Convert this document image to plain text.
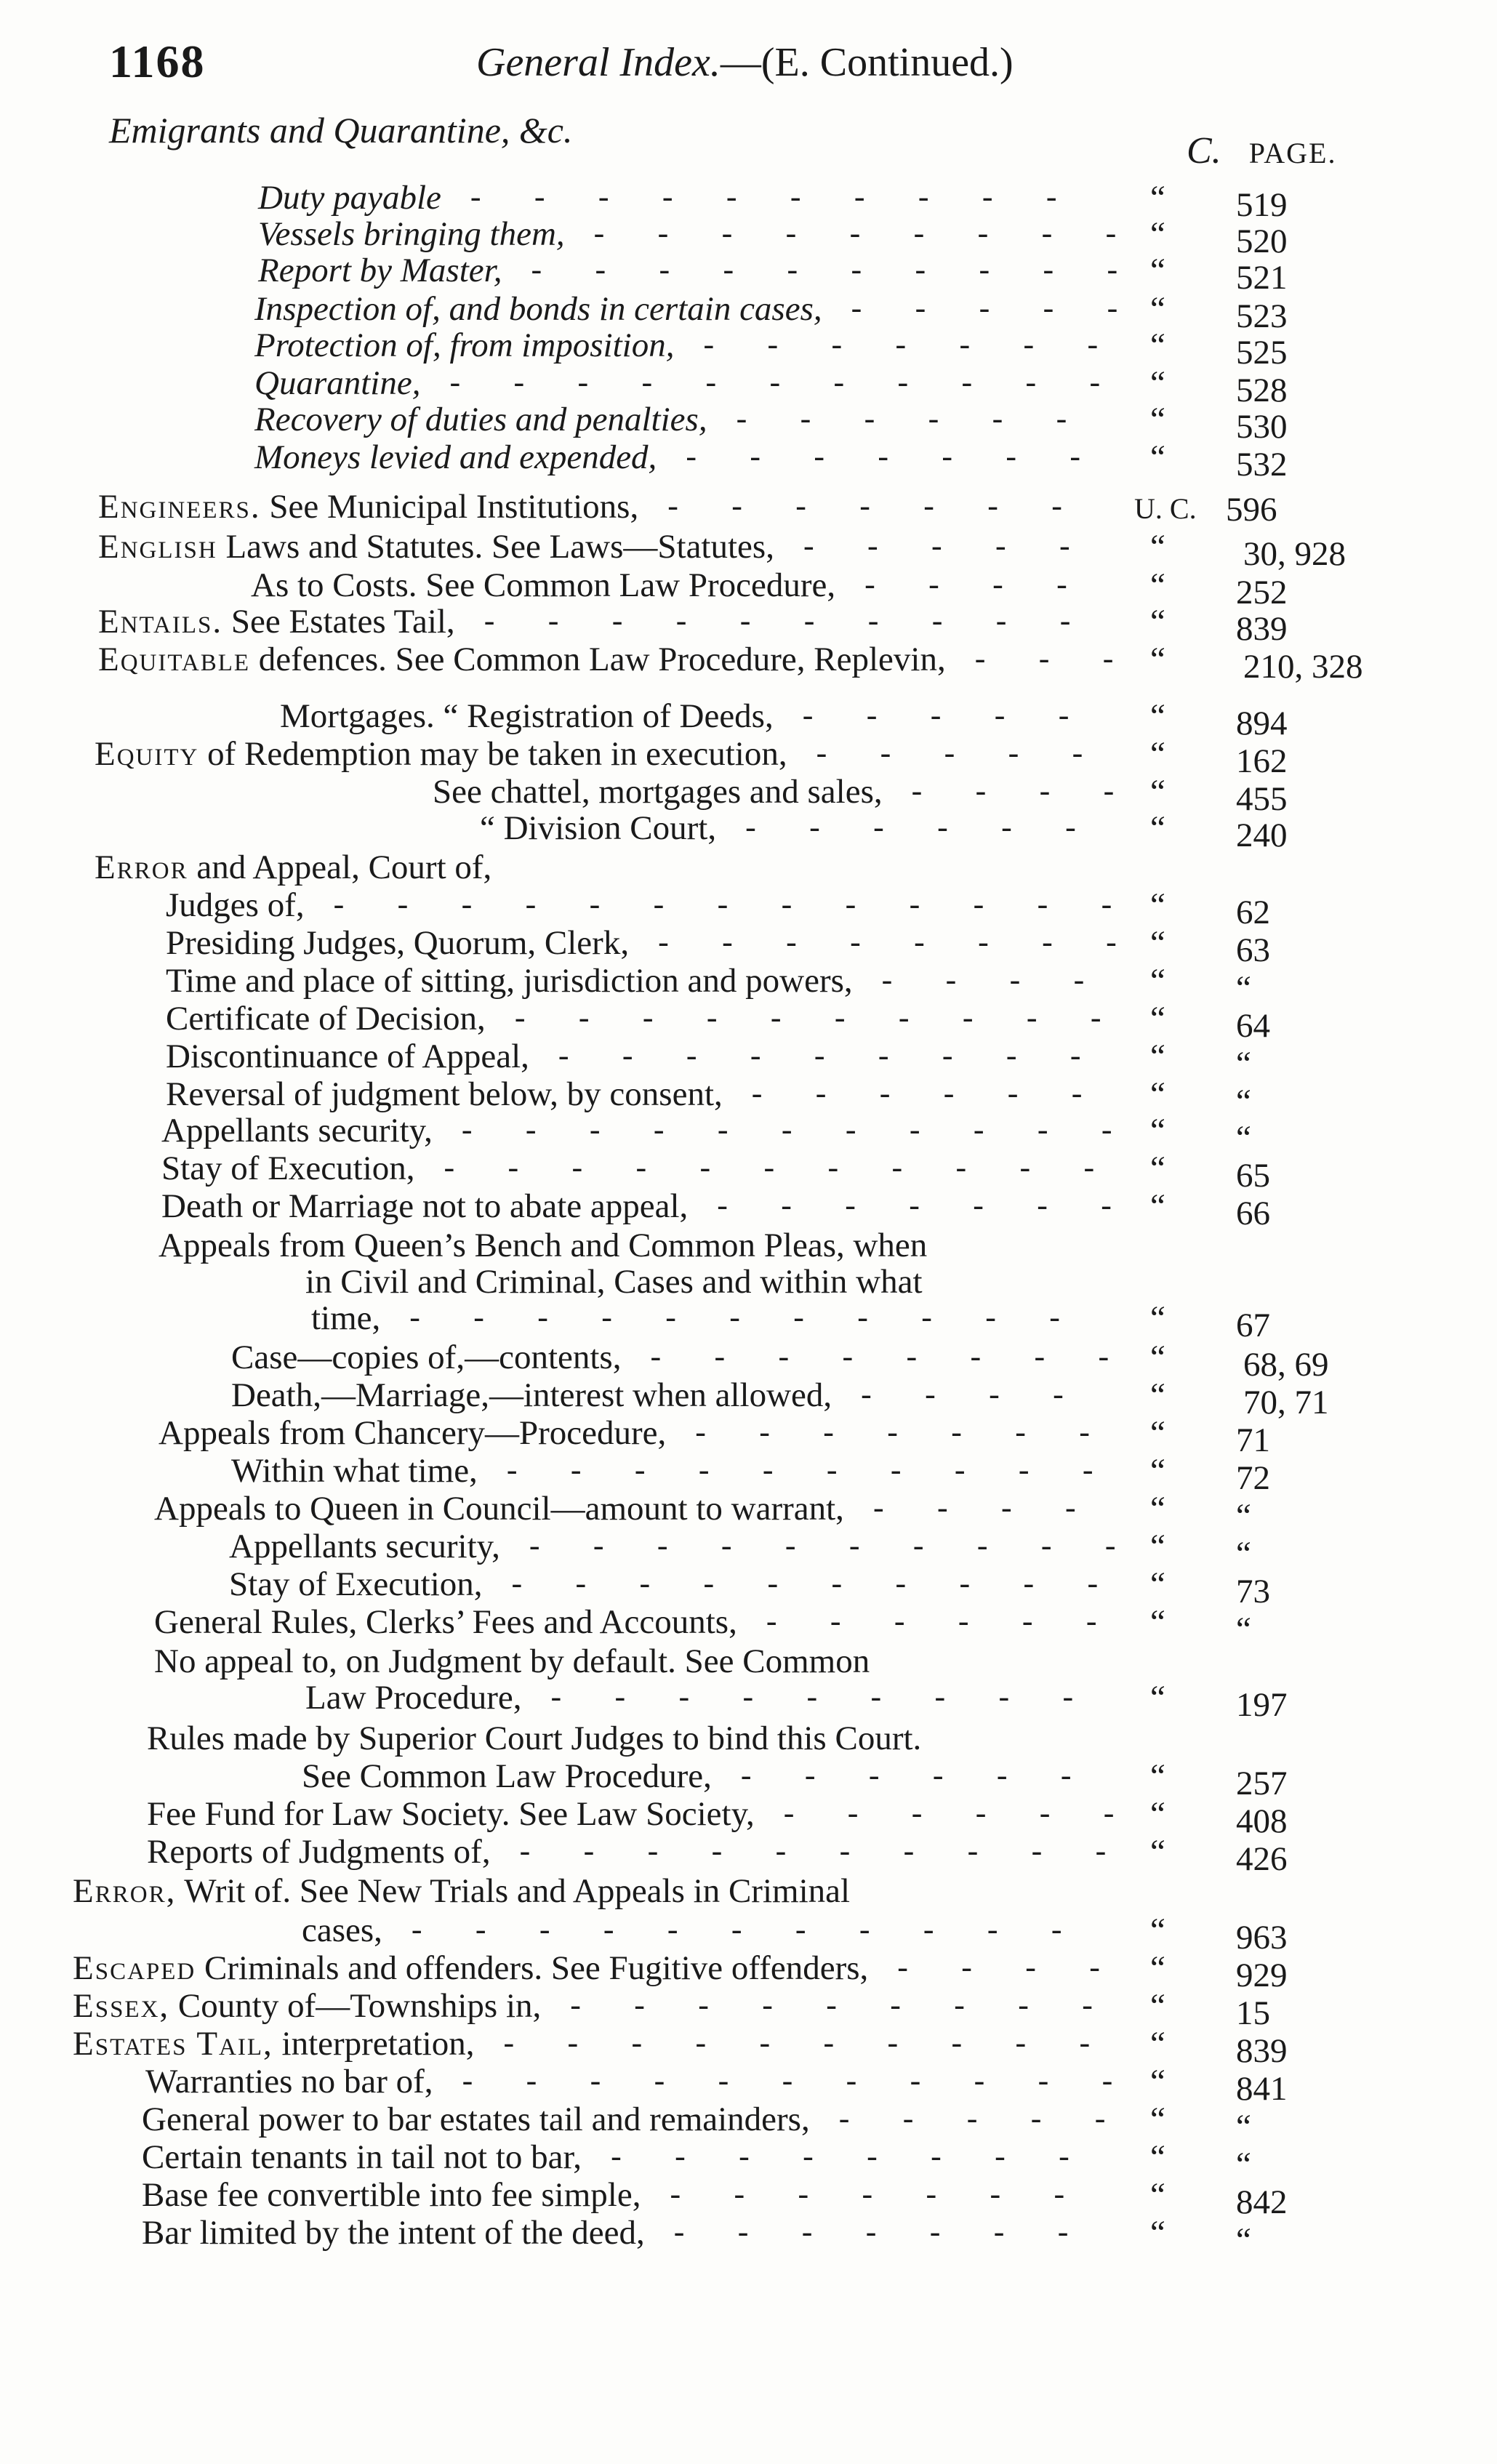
1168	General Index.—(E. Continued.)
Emigrants and Quarantine, &c.	C. PAGE.
Duty payable	“ 519
- - - - - - - - - -
Vessels bringing them,	“ 520
- - - - - - - - -
Report by Master,	“ 521
- - - - - - - - - -
Inspection of, and bonds in certain cases,	“ 523
- - - - -
Protection of, from imposition,	“ 525
- - - - - - -
Quarantine,	“ 528
- - - - - - - - - - -
Recovery of duties and penalties,	“ 530
- - - - - -
Moneys levied and expended,	“ 532
- - - - - - -
Engineers. See Municipal Institutions,	U. C. 596
- - - - - - -
English Laws and Statutes. See Laws—Statutes,	“ 30, 928
- - - - -
As to Costs. See Common Law Procedure,	“ 252
- - - -
Entails. See Estates Tail,	“ 839
- - - - - - - - - -
Equitable defences. See Common Law Procedure, Replevin,	“ 210, 328
- - -
Mortgages. “ Registration of Deeds,	“ 894
- - - - -
Equity of Redemption may be taken in execution,	“ 162
- - - - -
See chattel, mortgages and sales,	“ 455
- - - -
“ Division Court,	“ 240
- - - - - -
Error and Appeal, Court of,
Judges of,	“ 62
- - - - - - - - - - - - -
Presiding Judges, Quorum, Clerk,	“ 63
- - - - - - - -
Time and place of sitting, jurisdiction and powers,	“ “
- - - -
Certificate of Decision,	“ 64
- - - - - - - - - -
Discontinuance of Appeal,	“ “
- - - - - - - - -
Reversal of judgment below, by consent,	“ “
- - - - - -
Appellants security,	“ “
- - - - - - - - - - -
Stay of Execution,	“ 65
- - - - - - - - - - -
Death or Marriage not to abate appeal,	“ 66
- - - - - - -
Appeals from Queen’s Bench and Common Pleas, when
in Civil and Criminal, Cases and within what
time,	“ 67
- - - - - - - - - - -
Case—copies of,—contents,	“ 68, 69
- - - - - - - -
Death,—Marriage,—interest when allowed,	“ 70, 71
- - - -
Appeals from Chancery—Procedure,	“ 71
- - - - - - -
Within what time,	“ 72
- - - - - - - - - -
Appeals to Queen in Council—amount to warrant,	“ “
- - - -
Appellants security,	“ “
- - - - - - - - - -
Stay of Execution,	“ 73
- - - - - - - - - -
General Rules, Clerks’ Fees and Accounts,	“ “
- - - - - -
No appeal to, on Judgment by default. See Common
Law Procedure,	“ 197
- - - - - - - - -
Rules made by Superior Court Judges to bind this Court.
See Common Law Procedure,	“ 257
- - - - - -
Fee Fund for Law Society. See Law Society,	“ 408
- - - - - -
Reports of Judgments of,	“ 426
- - - - - - - - - -
Error, Writ of. See New Trials and Appeals in Criminal
cases,	“ 963
- - - - - - - - - - -
Escaped Criminals and offenders. See Fugitive offenders,	“ 929
- - - -
Essex, County of—Townships in,	“ 15
- - - - - - - - -
Estates Tail, interpretation,	“ 839
- - - - - - - - - -
Warranties no bar of,	“ 841
- - - - - - - - - - -
General power to bar estates tail and remainders,	“ “
- - - - -
Certain tenants in tail not to bar,	“ “
- - - - - - - -
Base fee convertible into fee simple,	“ 842
- - - - - - -
Bar limited by the intent of the deed,	“ “
- - - - - - -
